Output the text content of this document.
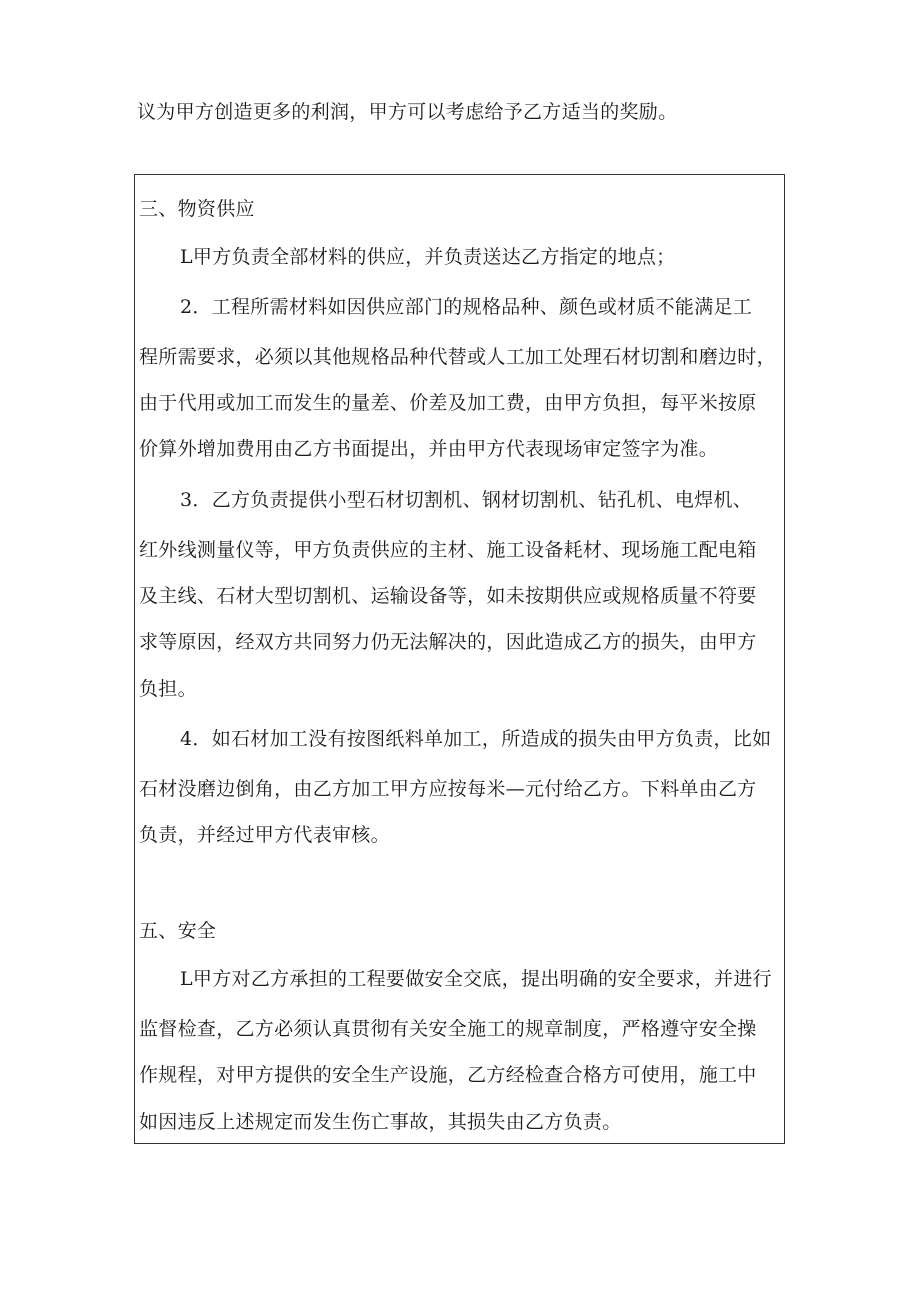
议为甲方创造更多的利润，甲方可以考虑给予乙方适当的奖励。
三、物资供应
L甲方负责全部材料的供应，并负责送达乙方指定的地点；
2．工程所需材料如因供应部门的规格品种、颜色或材质不能满足工
程所需要求，必须以其他规格品种代替或人工加工处理石材切割和磨边时，
由于代用或加工而发生的量差、价差及加工费，由甲方负担，每平米按原
价算外增加费用由乙方书面提出，并由甲方代表现场审定签字为准。
3．乙方负责提供小型石材切割机、钢材切割机、钻孔机、电焊机、
红外线测量仪等，甲方负责供应的主材、施工设备耗材、现场施工配电箱
及主线、石材大型切割机、运输设备等，如未按期供应或规格质量不符要
求等原因，经双方共同努力仍无法解决的，因此造成乙方的损失，由甲方
负担。
4．如石材加工没有按图纸料单加工，所造成的损失由甲方负责，比如
石材没磨边倒角，由乙方加工甲方应按每米—元付给乙方。下料单由乙方
负责，并经过甲方代表审核。
五、安全
L甲方对乙方承担的工程要做安全交底，提出明确的安全要求，并进行
监督检查，乙方必须认真贯彻有关安全施工的规章制度，严格遵守安全操
作规程，对甲方提供的安全生产设施，乙方经检查合格方可使用，施工中
如因违反上述规定而发生伤亡事故，其损失由乙方负责。
